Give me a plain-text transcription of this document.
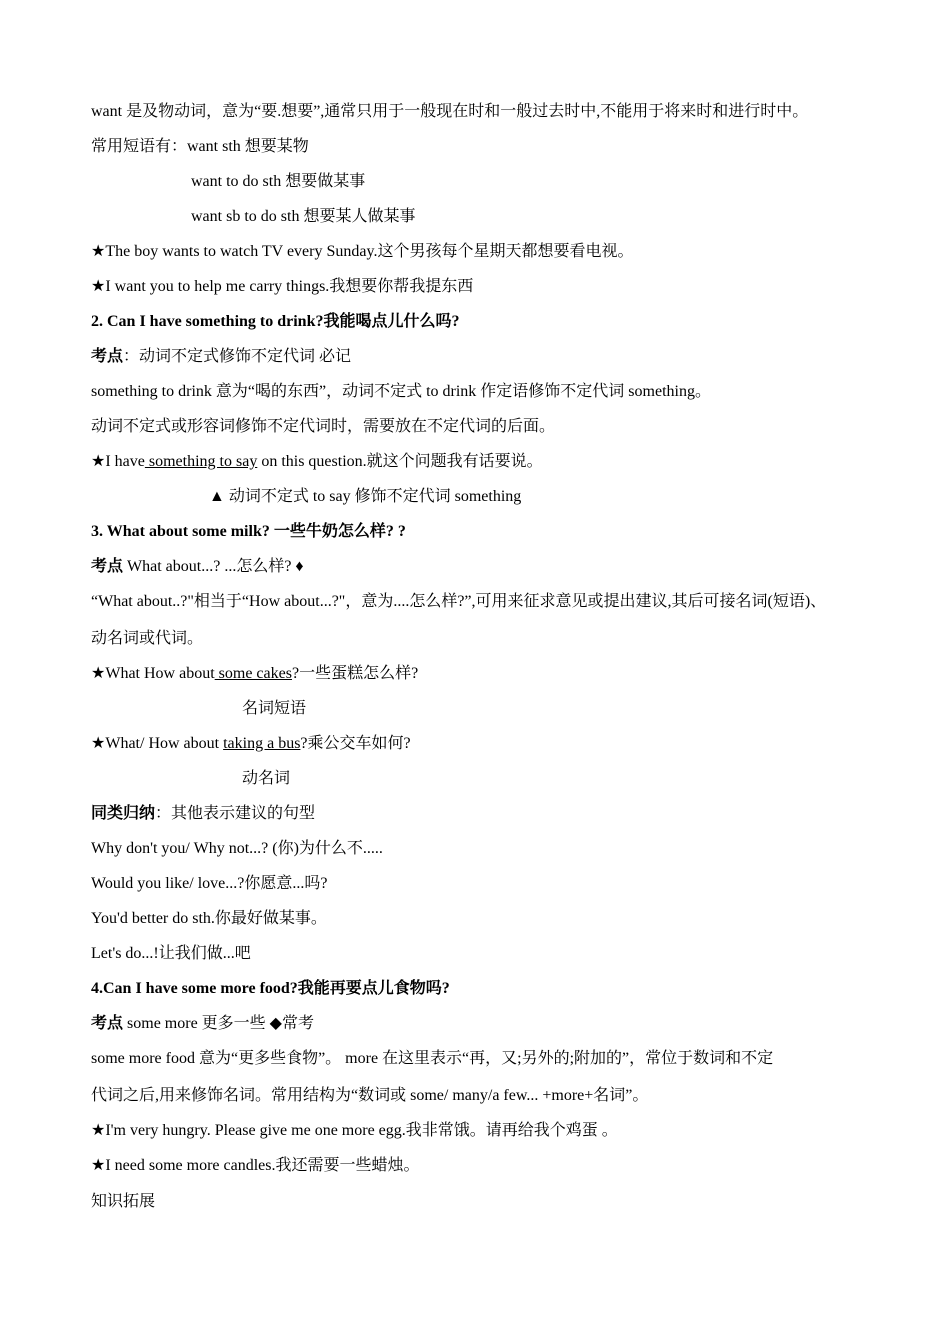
want 是及物动词，意为“要.想要”,通常只用于一般现在时和一般过去时中,不能用于将来时和进行时中。
常用短语有：want sth 想要某物
want to do sth 想要做某事
want sb to do sth 想要某人做某事
★The boy wants to watch TV every Sunday.这个男孩每个星期天都想要看电视。
★I want you to help me carry things.我想要你帮我提东西
2. Can I have something to drink?我能喝点儿什么吗?
考点：动词不定式修饰不定代词 必记
something to drink 意为“喝的东西”，动词不定式 to drink 作定语修饰不定代词 something。
动词不定式或形容词修饰不定代词时，需要放在不定代词的后面。
★I have something to say on this question.就这个问题我有话要说。
▲ 动词不定式 to say 修饰不定代词 something
3. What about some milk? 一些牛奶怎么样? ?
考点 What about...? ...怎么样? ♦
“What about..?"相当于“How about...?"，意为....怎么样?”,可用来征求意见或提出建议,其后可接名词(短语)、
动名词或代词。
★What How about some cakes?一些蛋糕怎么样?
名词短语
★What/ How about taking a bus?乘公交车如何?
动名词
同类归纳：其他表示建议的句型
Why don't you/ Why not...? (你)为什么不.....
Would you like/ love...?你愿意...吗?
You'd better do sth.你最好做某事。
Let's do...!让我们做...吧
4.Can I have some more food?我能再要点儿食物吗?
考点 some more 更多一些 ◆常考
some more food 意为“更多些食物”。 more 在这里表示“再，又;另外的;附加的”，常位于数词和不定
代词之后,用来修饰名词。常用结构为“数词或 some/ many/a few... +more+名词”。
★I'm very hungry. Please give me one more egg.我非常饿。请再给我个鸡蛋 。
★I need some more candles.我还需要一些蜡烛。
知识拓展
